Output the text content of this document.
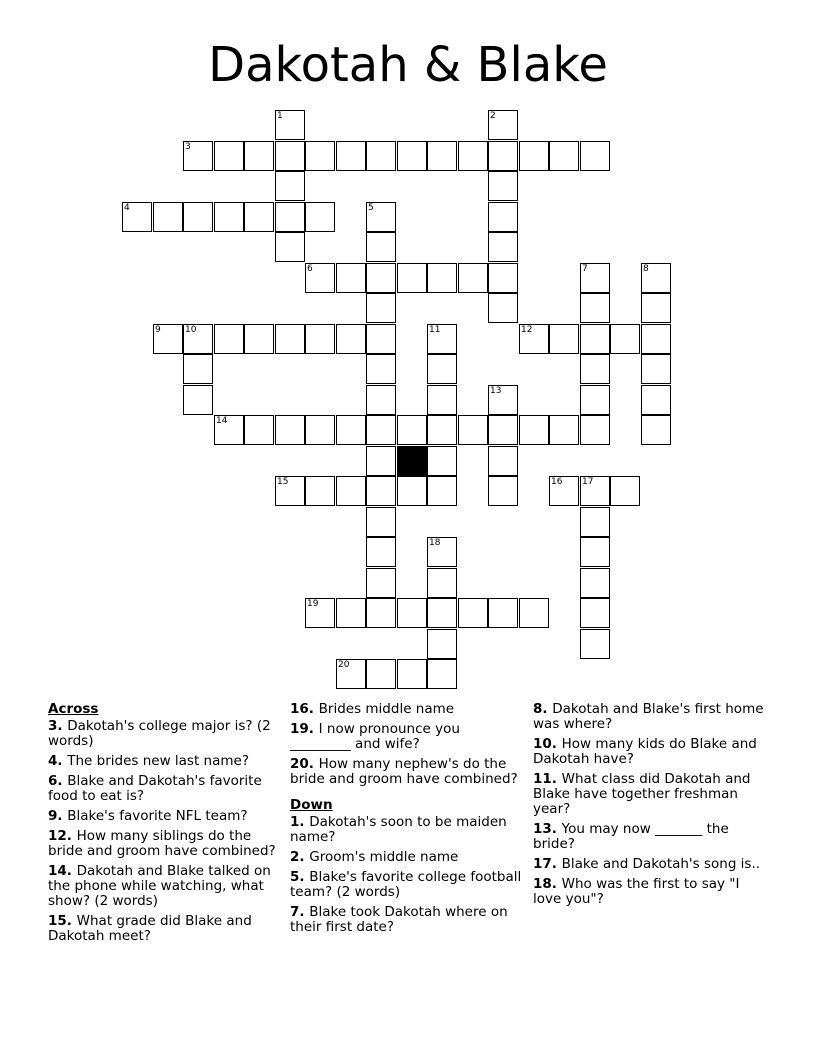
Dakotah & Blake
1	2
3
4	5
6	7	8
9	10	11	12
13
14
15	16 17
18
19
20
Across
3. Dakotah's college major is? (2 words)
4. The brides new last name?
6. Blake and Dakotah's favorite food to eat is?
9. Blake's favorite NFL team?
12. How many siblings do the bride and groom have combined?
14. Dakotah and Blake talked on the phone while watching, what show? (2 words)
15. What grade did Blake and Dakotah meet?
16. Brides middle name
19. I now pronounce you _________ and wife?
20. How many nephew's do the bride and groom have combined?
Down
1. Dakotah's soon to be maiden name?
2. Groom's middle name
5. Blake's favorite college football team? (2 words)
7. Blake took Dakotah where on their first date?
8. Dakotah and Blake's first home was where?
10. How many kids do Blake and Dakotah have?
11. What class did Dakotah and Blake have together freshman year?
13. You may now _______ the bride?
17. Blake and Dakotah's song is..
18. Who was the first to say "I love you"?
